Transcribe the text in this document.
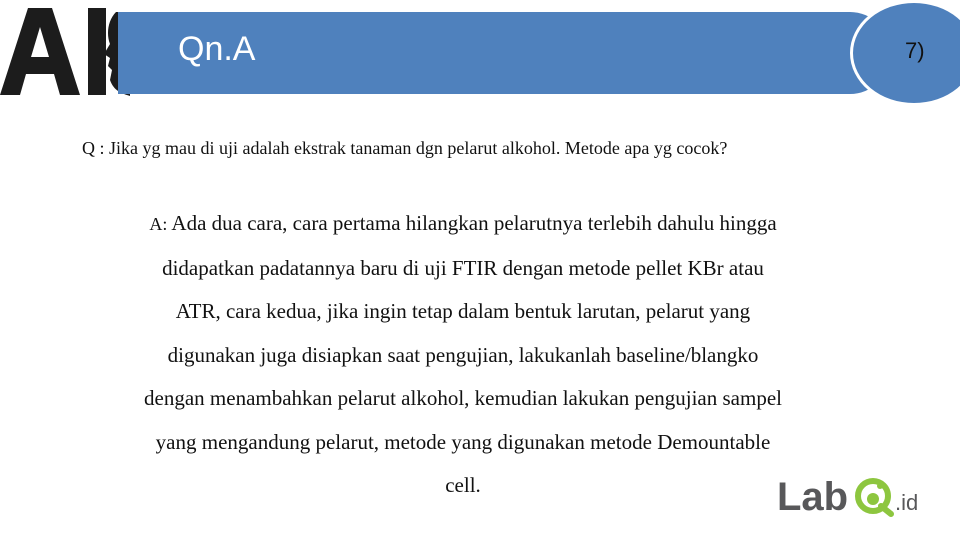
Qn.A	7)
Q : Jika yg mau di uji adalah ekstrak tanaman dgn pelarut alkohol. Metode apa yg cocok?
A: Ada dua cara, cara pertama hilangkan pelarutnya terlebih dahulu hingga
didapatkan padatannya baru di uji FTIR dengan metode pellet KBr atau
ATR, cara kedua, jika ingin tetap dalam bentuk larutan, pelarut yang
digunakan juga disiapkan saat pengujian, lakukanlah baseline/blangko
dengan menambahkan pelarut alkohol, kemudian lakukan pengujian sampel
yang mengandung pelarut, metode yang digunakan metode Demountable
cell.	Lab .id
